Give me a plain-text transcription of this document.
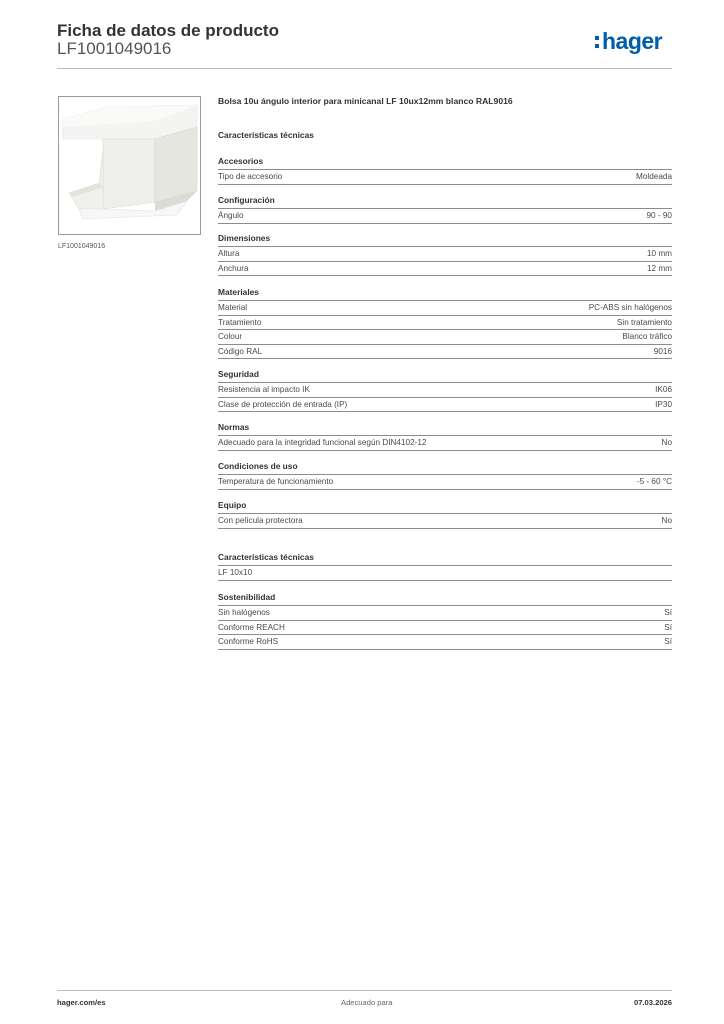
Ficha de datos de producto
LF1001049016	hager
LF1001049016
Bolsa 10u ángulo interior para minicanal LF 10ux12mm blanco RAL9016
Características técnicas
Accesorios
Tipo de accesorio	Moldeada
Configuración
Ángulo	90 - 90
Dimensiones
Altura	10 mm
Anchura	12 mm
Materiales
Material	PC-ABS sin halógenos
Tratamiento	Sin tratamiento
Colour	Blanco tráfico
Código RAL	9016
Seguridad
Resistencia al impacto IK	IK06
Clase de protección de entrada (IP)	IP30
Normas
Adecuado para la integridad funcional según DIN4102-12	No
Condiciones de uso
Temperatura de funcionamiento	-5 - 60 °C
Equipo
Con película protectora	No
Características técnicas
LF 10x10
Sostenibilidad
Sin halógenos	Sí
Conforme REACH	Sí
Conforme RoHS	Sí
hager.com/es	Adecuado para	07.03.2026
